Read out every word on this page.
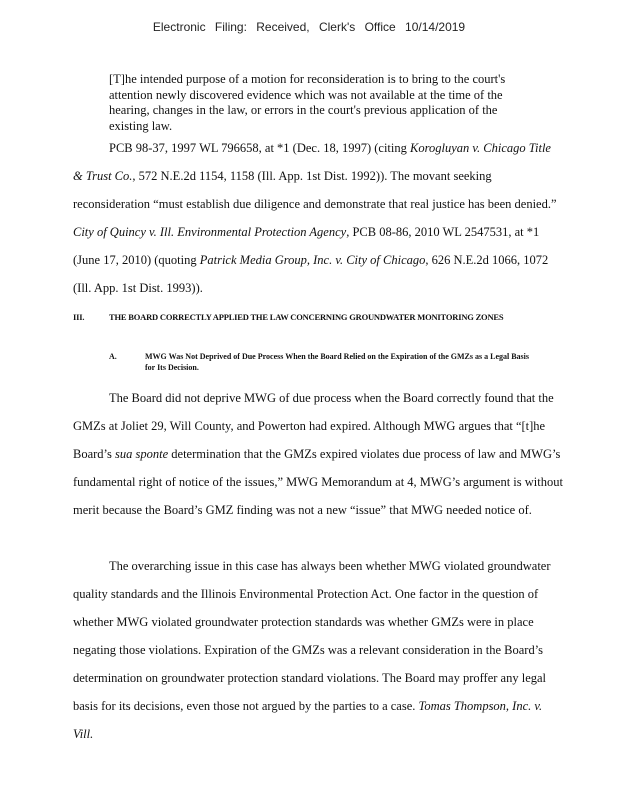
Electronic Filing: Received, Clerk's Office 10/14/2019

[T]he intended purpose of a motion for reconsideration is to bring to the court's attention newly discovered evidence which was not available at the time of the hearing, changes in the law, or errors in the court's previous application of the existing law.

PCB 98-37, 1997 WL 796658, at *1 (Dec. 18, 1997) (citing Korogluyan v. Chicago Title & Trust Co., 572 N.E.2d 1154, 1158 (Ill. App. 1st Dist. 1992)). The movant seeking reconsideration “must establish due diligence and demonstrate that real justice has been denied.” City of Quincy v. Ill. Environmental Protection Agency, PCB 08-86, 2010 WL 2547531, at *1 (June 17, 2010) (quoting Patrick Media Group, Inc. v. City of Chicago, 626 N.E.2d 1066, 1072 (Ill. App. 1st Dist. 1993)).

III.	THE BOARD CORRECTLY APPLIED THE LAW CONCERNING GROUNDWATER MONITORING ZONES
A.	MWG Was Not Deprived of Due Process When the Board Relied on the Expiration of the GMZs as a Legal Basis for Its Decision.

The Board did not deprive MWG of due process when the Board correctly found that the GMZs at Joliet 29, Will County, and Powerton had expired. Although MWG argues that “[t]he Board’s sua sponte determination that the GMZs expired violates due process of law and MWG’s fundamental right of notice of the issues,” MWG Memorandum at 4, MWG’s argument is without merit because the Board’s GMZ finding was not a new “issue” that MWG needed notice of.

The overarching issue in this case has always been whether MWG violated groundwater quality standards and the Illinois Environmental Protection Act. One factor in the question of whether MWG violated groundwater protection standards was whether GMZs were in place negating those violations. Expiration of the GMZs was a relevant consideration in the Board’s determination on groundwater protection standard violations. The Board may proffer any legal basis for its decisions, even those not argued by the parties to a case. Tomas Thompson, Inc. v. Vill.
